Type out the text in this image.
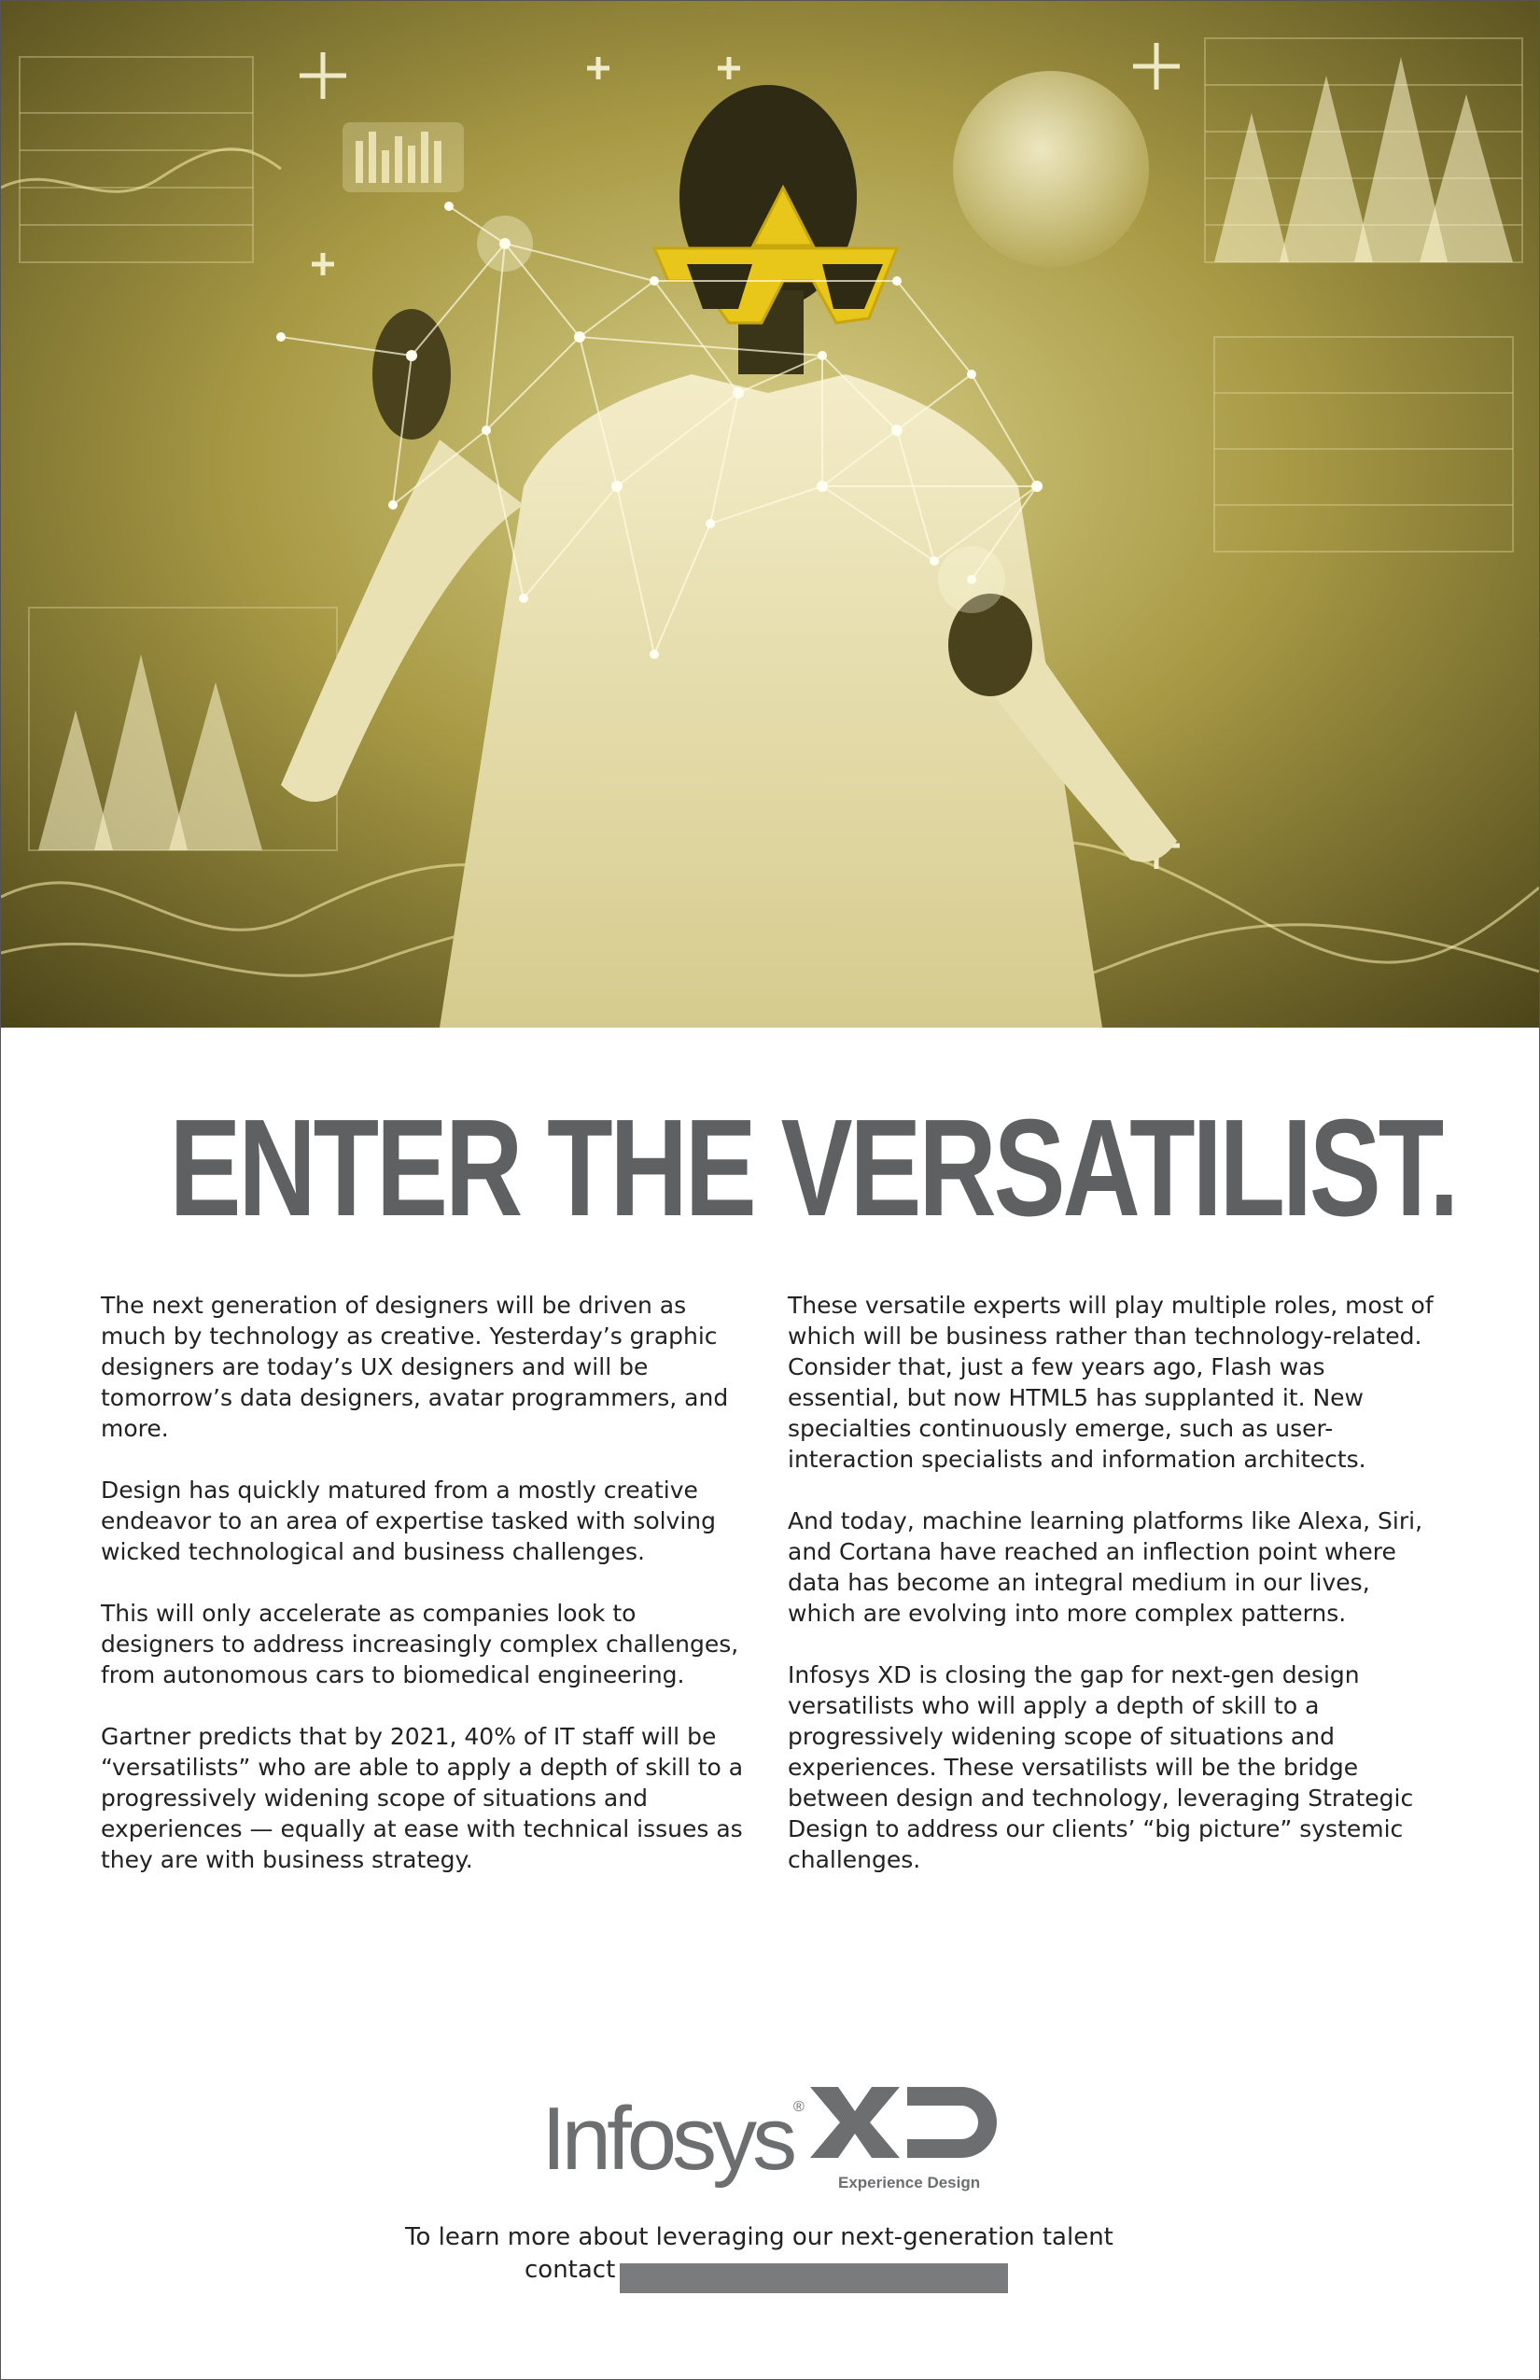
ENTER THE VERSATILIST.

The next generation of designers will be driven as much by technology as creative. Yesterday’s graphic designers are today’s UX designers and will be tomorrow’s data designers, avatar programmers, and more.

Design has quickly matured from a mostly creative endeavor to an area of expertise tasked with solving wicked technological and business challenges.

This will only accelerate as companies look to designers to address increasingly complex challenges, from autonomous cars to biomedical engineering.

Gartner predicts that by 2021, 40% of IT staff will be “versatilists” who are able to apply a depth of skill to a progressively widening scope of situations and experiences — equally at ease with technical issues as they are with business strategy.

These versatile experts will play multiple roles, most of which will be business rather than technology-related. Consider that, just a few years ago, Flash was essential, but now HTML5 has supplanted it. New specialties continuously emerge, such as user-interaction specialists and information architects.

And today, machine learning platforms like Alexa, Siri, and Cortana have reached an inflection point where data has become an integral medium in our lives, which are evolving into more complex patterns.

Infosys XD is closing the gap for next-gen design versatilists who will apply a depth of skill to a progressively widening scope of situations and experiences. These versatilists will be the bridge between design and technology, leveraging Strategic Design to address our clients’ “big picture” systemic challenges.

Infosys ®
Experience Design
To learn more about leveraging our next-generation talent
contact
